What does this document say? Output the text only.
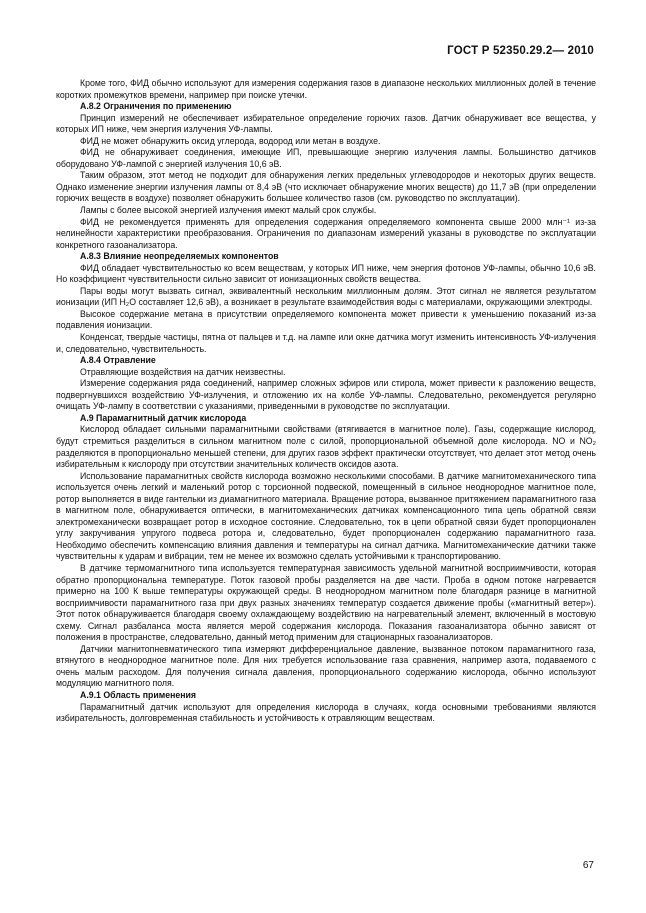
ГОСТ Р 52350.29.2— 2010

Кроме того, ФИД обычно используют для измерения содержания газов в диапазоне нескольких миллионных долей в течение коротких промежутков времени, например при поиске утечки.

А.8.2 Ограничения по применению

Принцип измерений не обеспечивает избирательное определение горючих газов. Датчик обнаруживает все вещества, у которых ИП ниже, чем энергия излучения УФ-лампы.

ФИД не может обнаружить оксид углерода, водород или метан в воздухе.

ФИД не обнаруживает соединения, имеющие ИП, превышающие энергию излучения лампы. Большинство датчиков оборудовано УФ-лампой с энергией излучения 10,6 эВ.

Таким образом, этот метод не подходит для обнаружения легких предельных углеводородов и некоторых других веществ. Однако изменение энергии излучения лампы от 8,4 эВ (что исключает обнаружение многих веществ) до 11,7 эВ (при определении горючих веществ в воздухе) позволяет обнаружить большее количество газов (см. руководство по эксплуатации).

Лампы с более высокой энергией излучения имеют малый срок службы.

ФИД не рекомендуется применять для определения содержания определяемого компонента свыше 2000 млн⁻¹ из-за нелинейности характеристики преобразования. Ограничения по диапазонам измерений указаны в руководстве по эксплуатации конкретного газоанализатора.

А.8.3 Влияние неопределяемых компонентов

ФИД обладает чувствительностью ко всем веществам, у которых ИП ниже, чем энергия фотонов УФ-лампы, обычно 10,6 эВ. Но коэффициент чувствительности сильно зависит от ионизационных свойств вещества.

Пары воды могут вызвать сигнал, эквивалентный нескольким миллионным долям. Этот сигнал не является результатом ионизации (ИП H₂O составляет 12,6 эВ), а возникает в результате взаимодействия воды с материалами, окружающими электроды.

Высокое содержание метана в присутствии определяемого компонента может привести к уменьшению показаний из-за подавления ионизации.

Конденсат, твердые частицы, пятна от пальцев и т.д. на лампе или окне датчика могут изменить интенсивность УФ-излучения и, следовательно, чувствительность.

А.8.4 Отравление

Отравляющие воздействия на датчик неизвестны.

Измерение содержания ряда соединений, например сложных эфиров или стирола, может привести к разложению веществ, подвергнувшихся воздействию УФ-излучения, и отложению их на колбе УФ-лампы. Следовательно, рекомендуется регулярно очищать УФ-лампу в соответствии с указаниями, приведенными в руководстве по эксплуатации.

А.9 Парамагнитный датчик кислорода

Кислород обладает сильными парамагнитными свойствами (втягивается в магнитное поле). Газы, содержащие кислород, будут стремиться разделиться в сильном магнитном поле с силой, пропорциональной объемной доле кислорода. NO и NO₂ разделяются в пропорционально меньшей степени, для других газов эффект практически отсутствует, что делает этот метод очень избирательным к кислороду при отсутствии значительных количеств оксидов азота.

Использование парамагнитных свойств кислорода возможно несколькими способами. В датчике магнитомеханического типа используется очень легкий и маленький ротор с торсионной подвеской, помещенный в сильное неоднородное магнитное поле, ротор выполняется в виде гантельки из диамагнитного материала. Вращение ротора, вызванное притяжением парамагнитного газа в магнитном поле, обнаруживается оптически, в магнитомеханических датчиках компенсационного типа цепь обратной связи электромеханически возвращает ротор в исходное состояние. Следовательно, ток в цепи обратной связи будет пропорционален углу закручивания упругого подвеса ротора и, следовательно, будет пропорционален содержанию парамагнитного газа. Необходимо обеспечить компенсацию влияния давления и температуры на сигнал датчика. Магнитомеханические датчики также чувствительны к ударам и вибрации, тем не менее их возможно сделать устойчивыми к транспортированию.

В датчике термомагнитного типа используется температурная зависимость удельной магнитной восприимчивости, которая обратно пропорциональна температуре. Поток газовой пробы разделяется на две части. Проба в одном потоке нагревается примерно на 100 К выше температуры окружающей среды. В неоднородном магнитном поле благодаря разнице в магнитной восприимчивости парамагнитного газа при двух разных значениях температур создается движение пробы («магнитный ветер»). Этот поток обнаруживается благодаря своему охлаждающему воздействию на нагревательный элемент, включенный в мостовую схему. Сигнал разбаланса моста является мерой содержания кислорода. Показания газоанализатора обычно зависят от положения в пространстве, следовательно, данный метод применим для стационарных газоанализаторов.

Датчики магнитопневматического типа измеряют дифференциальное давление, вызванное потоком парамагнитного газа, втянутого в неоднородное магнитное поле. Для них требуется использование газа сравнения, например азота, подаваемого с очень малым расходом. Для получения сигнала давления, пропорционального содержанию кислорода, обычно используют модуляцию магнитного поля.

А.9.1 Область применения

Парамагнитный датчик используют для определения кислорода в случаях, когда основными требованиями являются избирательность, долговременная стабильность и устойчивость к отравляющим веществам.

67
